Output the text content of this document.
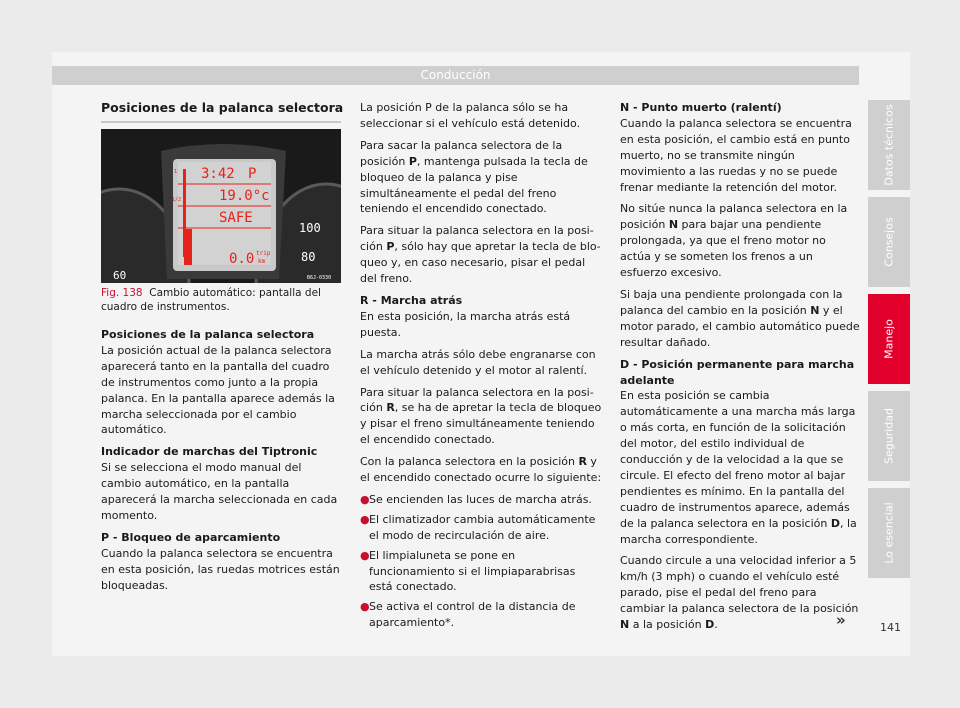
Conducción
Posiciones de la palanca selectora
1
1/2
3:42 P
19.0°c
SAFE
6	0.0 trip
km
100
80
60	B6J-0330
Fig. 138 Cambio automático: pantalla del cuadro de instrumentos.

Posiciones de la palanca selectora

La posición actual de la palanca selectora aparecerá tanto en la pantalla del cuadro de instrumentos como junto a la propia palanca. En la pantalla aparece además la marcha seleccionada por el cambio automático.

Indicador de marchas del Tiptronic

Si se selecciona el modo manual del cambio automático, en la pantalla aparecerá la marcha seleccionada en cada momento.

P - Bloqueo de aparcamiento

Cuando la palanca selectora se encuentra en esta posición, las ruedas motrices están bloqueadas.

La posición P de la palanca sólo se ha seleccionar si el vehículo está detenido.

Para sacar la palanca selectora de la posición P, mantenga pulsada la tecla de bloqueo de la palanca y pise simultáneamente el pedal del freno teniendo el encendido conectado.

Para situar la palanca selectora en la posición P, sólo hay que apretar la tecla de bloqueo y, en caso necesario, pisar el pedal del freno.

R - Marcha atrás

En esta posición, la marcha atrás está puesta.

La marcha atrás sólo debe engranarse con el vehículo detenido y el motor al ralentí.

Para situar la palanca selectora en la posición R, se ha de apretar la tecla de bloqueo y pisar el freno simultáneamente teniendo el encendido conectado.

Con la palanca selectora en la posición R y el encendido conectado ocurre lo siguiente:

● Se encienden las luces de marcha atrás.
● El climatizador cambia automáticamente el modo de recirculación de aire.
● El limpialuneta se pone en funcionamiento si el limpiaparabrisas está conectado.
● Se activa el control de la distancia de aparcamiento*.

N - Punto muerto (ralentí)

Cuando la palanca selectora se encuentra en esta posición, el cambio está en punto muerto, no se transmite ningún movimiento a las ruedas y no se puede frenar mediante la retención del motor.

No sitúe nunca la palanca selectora en la posición N para bajar una pendiente prolongada, ya que el freno motor no actúa y se someten los frenos a un esfuerzo excesivo.

Si baja una pendiente prolongada con la palanca del cambio en la posición N y el motor parado, el cambio automático puede resultar dañado.

D - Posición permanente para marcha adelante

En esta posición se cambia automáticamente a una marcha más larga o más corta, en función de la solicitación del motor, del estilo individual de conducción y de la velocidad a la que se circule. El efecto del freno motor al bajar pendientes es mínimo. En la pantalla del cuadro de instrumentos aparece, además de la palanca selectora en la posición D, la marcha correspondiente.

Cuando circule a una velocidad inferior a 5 km/h (3 mph) o cuando el vehículo esté parado, pise el pedal del freno para cambiar la palanca selectora de la posición N a la posición D.

Datos técnicos
Consejos
Manejo
Seguridad
Lo esencial
»	141
